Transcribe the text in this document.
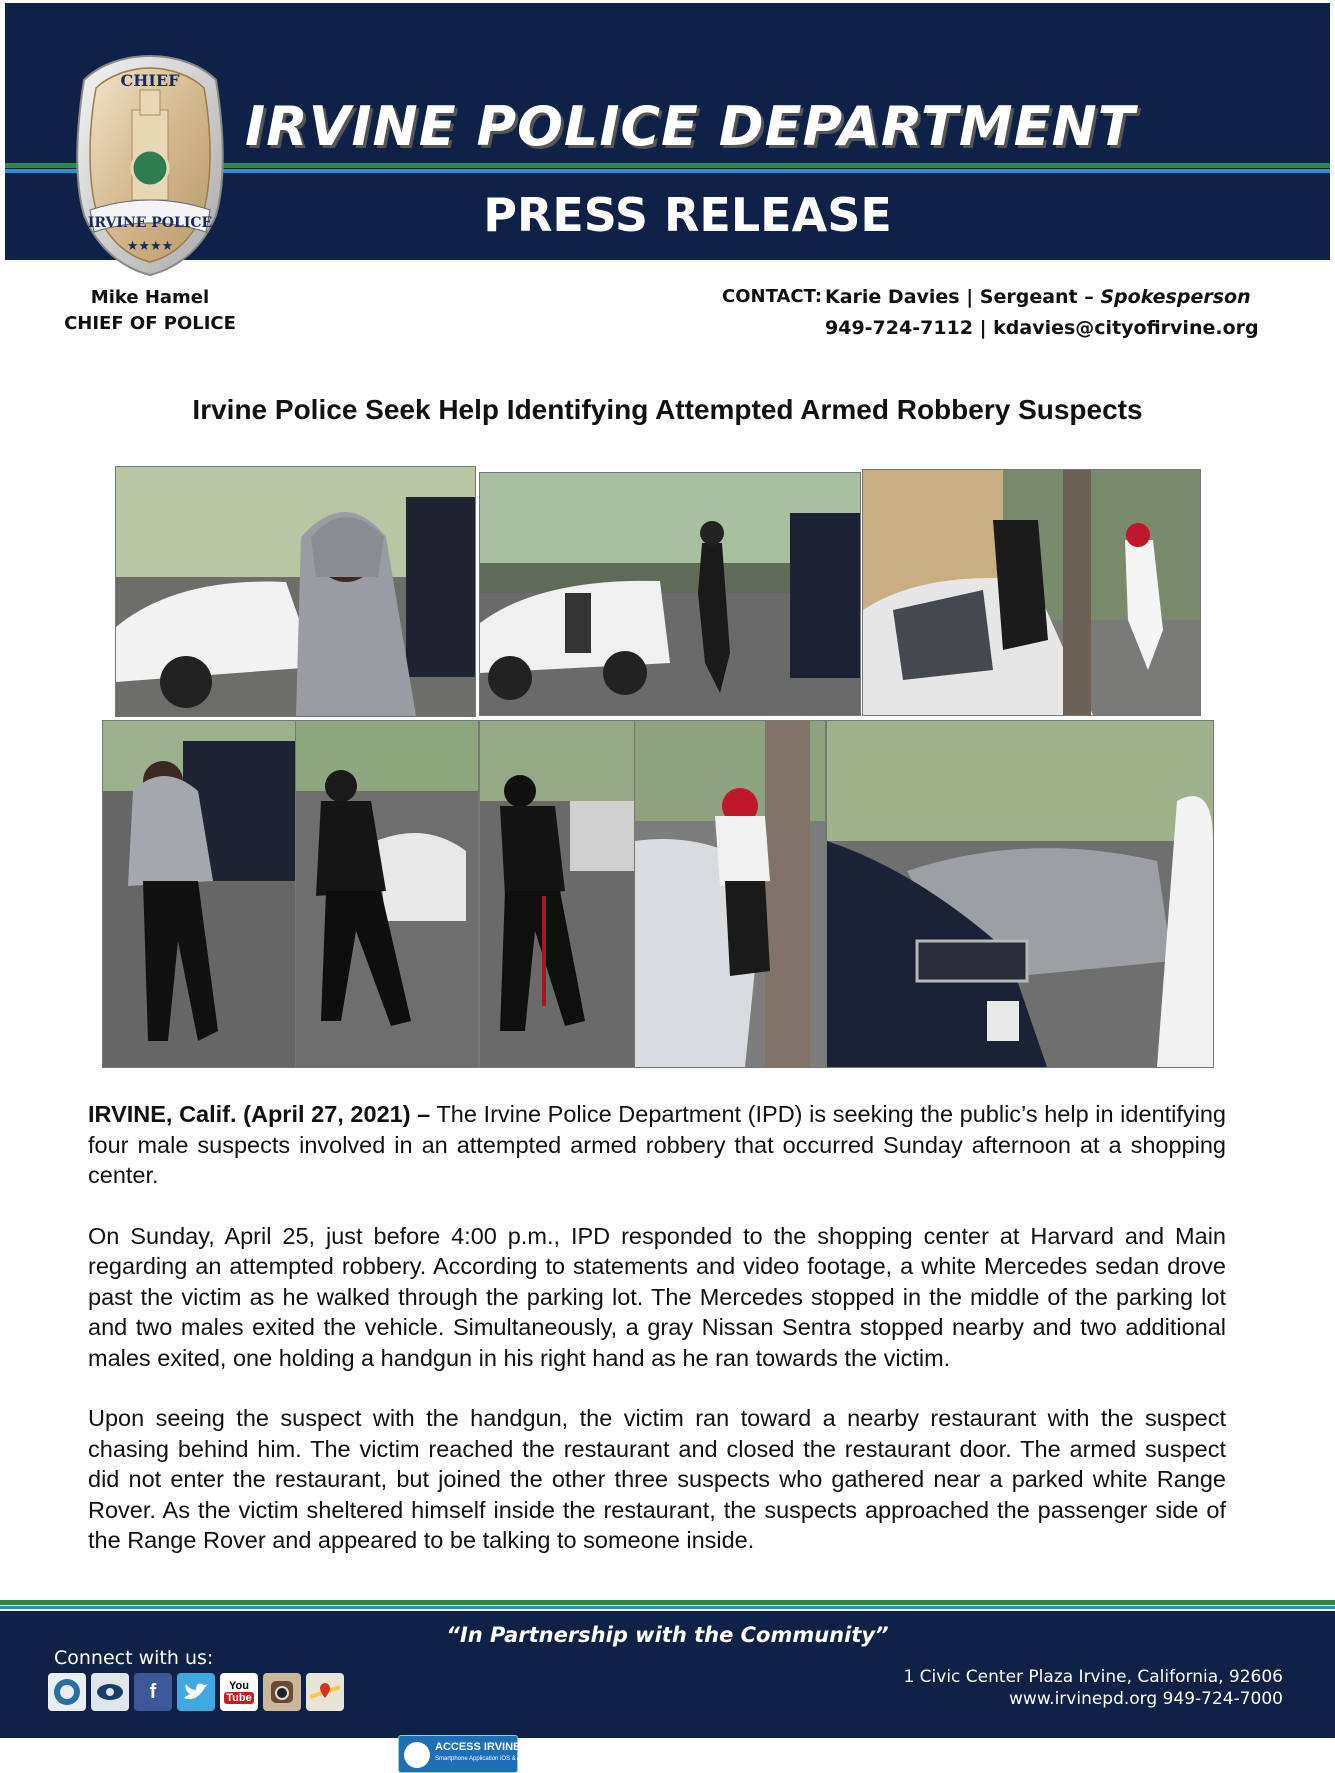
IRVINE POLICE DEPARTMENT
PRESS RELEASE
CHIEF
IRVINE POLICE
★★★★
Mike Hamel
CHIEF OF POLICE
CONTACT: Karie Davies | Sergeant – Spokesperson
949-724-7112 | kdavies@cityofirvine.org
Irvine Police Seek Help Identifying Attempted Armed Robbery Suspects

IRVINE, Calif. (April 27, 2021) – The Irvine Police Department (IPD) is seeking the public’s help in identifying four male suspects involved in an attempted armed robbery that occurred Sunday afternoon at a shopping center.

On Sunday, April 25, just before 4:00 p.m., IPD responded to the shopping center at Harvard and Main regarding an attempted robbery. According to statements and video footage, a white Mercedes sedan drove past the victim as he walked through the parking lot. The Mercedes stopped in the middle of the parking lot and two males exited the vehicle. Simultaneously, a gray Nissan Sentra stopped nearby and two additional males exited, one holding a handgun in his right hand as he ran towards the victim.

Upon seeing the suspect with the handgun, the victim ran toward a nearby restaurant with the suspect chasing behind him. The victim reached the restaurant and closed the restaurant door. The armed suspect did not enter the restaurant, but joined the other three suspects who gathered near a parked white Range Rover. As the victim sheltered himself inside the restaurant, the suspects approached the passenger side of the Range Rover and appeared to be talking to someone inside.

“In Partnership with the Community”
Connect with us:
f	You
Tube
ACCESS IRVINE
Smartphone Application iOS & Android
1 Civic Center Plaza Irvine, California, 92606
www.irvinepd.org 949-724-7000
